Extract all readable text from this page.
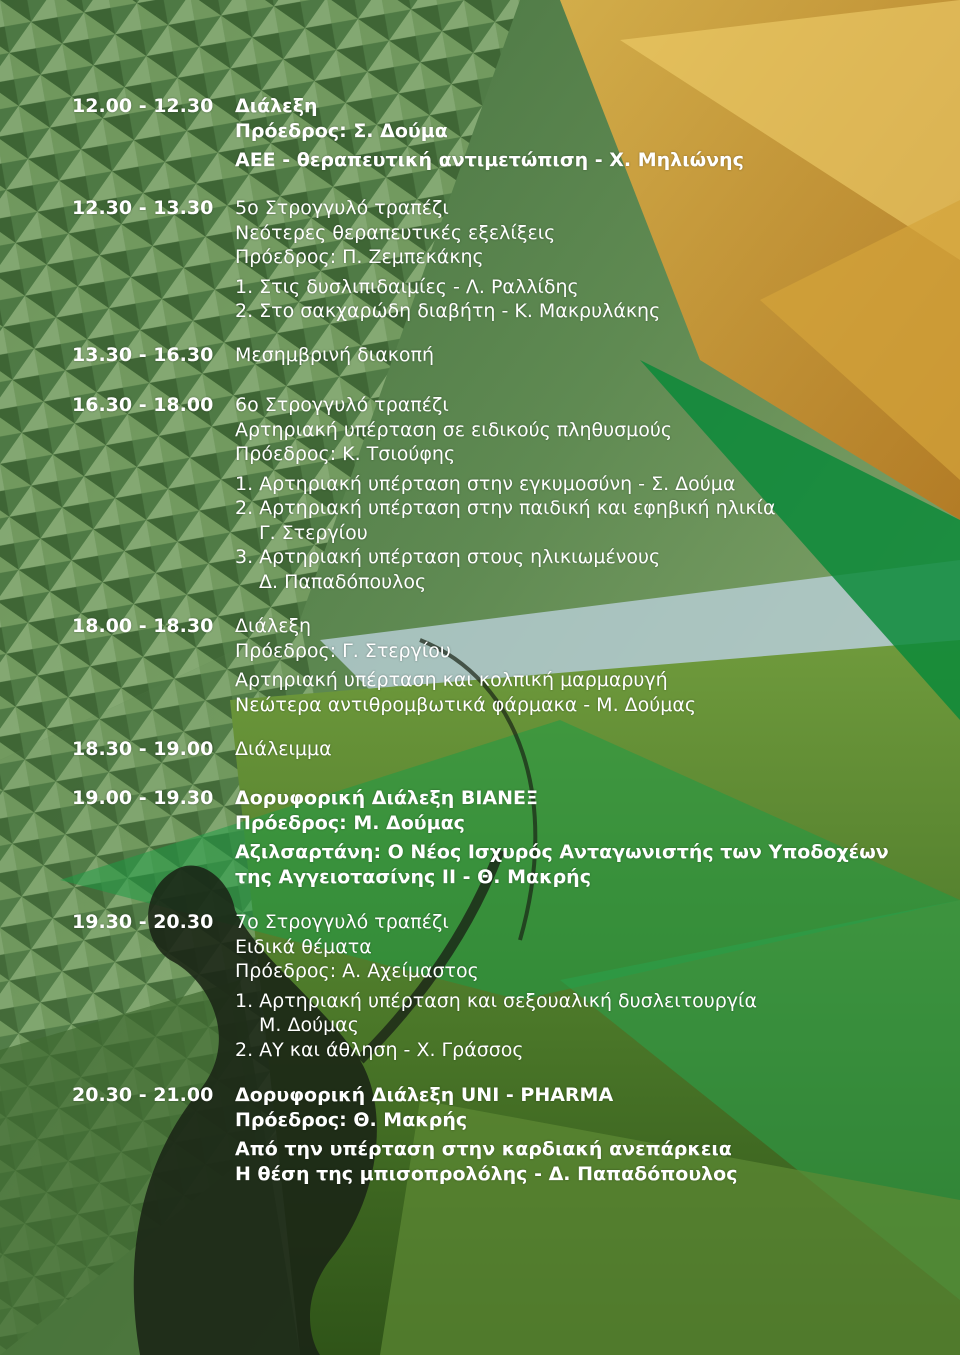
12.00 - 12.30	Διάλεξη
Πρόεδρος: Σ. Δούμα
ΑΕΕ - θεραπευτική αντιμετώπιση - Χ. Μηλιώνης
12.30 - 13.30	5ο Στρογγυλό τραπέζι
Νεότερες θεραπευτικές εξελίξεις
Πρόεδρος: Π. Ζεμπεκάκης
1. Στις δυσλιπιδαιμίες - Λ. Ραλλίδης
2. Στο σακχαρώδη διαβήτη - Κ. Μακρυλάκης
13.30 - 16.30	Μεσημβρινή διακοπή
16.30 - 18.00	6ο Στρογγυλό τραπέζι
Αρτηριακή υπέρταση σε ειδικούς πληθυσμούς
Πρόεδρος: Κ. Τσιούφης
1. Αρτηριακή υπέρταση στην εγκυμοσύνη - Σ. Δούμα
2. Αρτηριακή υπέρταση στην παιδική και εφηβική ηλικία
Γ. Στεργίου
3. Αρτηριακή υπέρταση στους ηλικιωμένους
Δ. Παπαδόπουλος
18.00 - 18.30	Διάλεξη
Πρόεδρος: Γ. Στεργίου
Αρτηριακή υπέρταση και κολπική μαρμαρυγή
Νεώτερα αντιθρομβωτικά φάρμακα - Μ. Δούμας
18.30 - 19.00	Διάλειμμα
19.00 - 19.30	Δορυφορική Διάλεξη ΒΙΑΝΕΞ
Πρόεδρος: Μ. Δούμας
Αζιλσαρτάνη: Ο Νέος Ισχυρός Ανταγωνιστής των Υποδοχέων
της Αγγειοτασίνης ΙΙ - Θ. Μακρής
19.30 - 20.30	7ο Στρογγυλό τραπέζι
Ειδικά θέματα
Πρόεδρος: Α. Αχείμαστος
1. Αρτηριακή υπέρταση και σεξουαλική δυσλειτουργία
Μ. Δούμας
2. ΑΥ και άθληση - Χ. Γράσσος
20.30 - 21.00	Δορυφορική Διάλεξη UNI - PHARMA
Πρόεδρος: Θ. Μακρής
Από την υπέρταση στην καρδιακή ανεπάρκεια
Η θέση της μπισοπρολόλης - Δ. Παπαδόπουλος
